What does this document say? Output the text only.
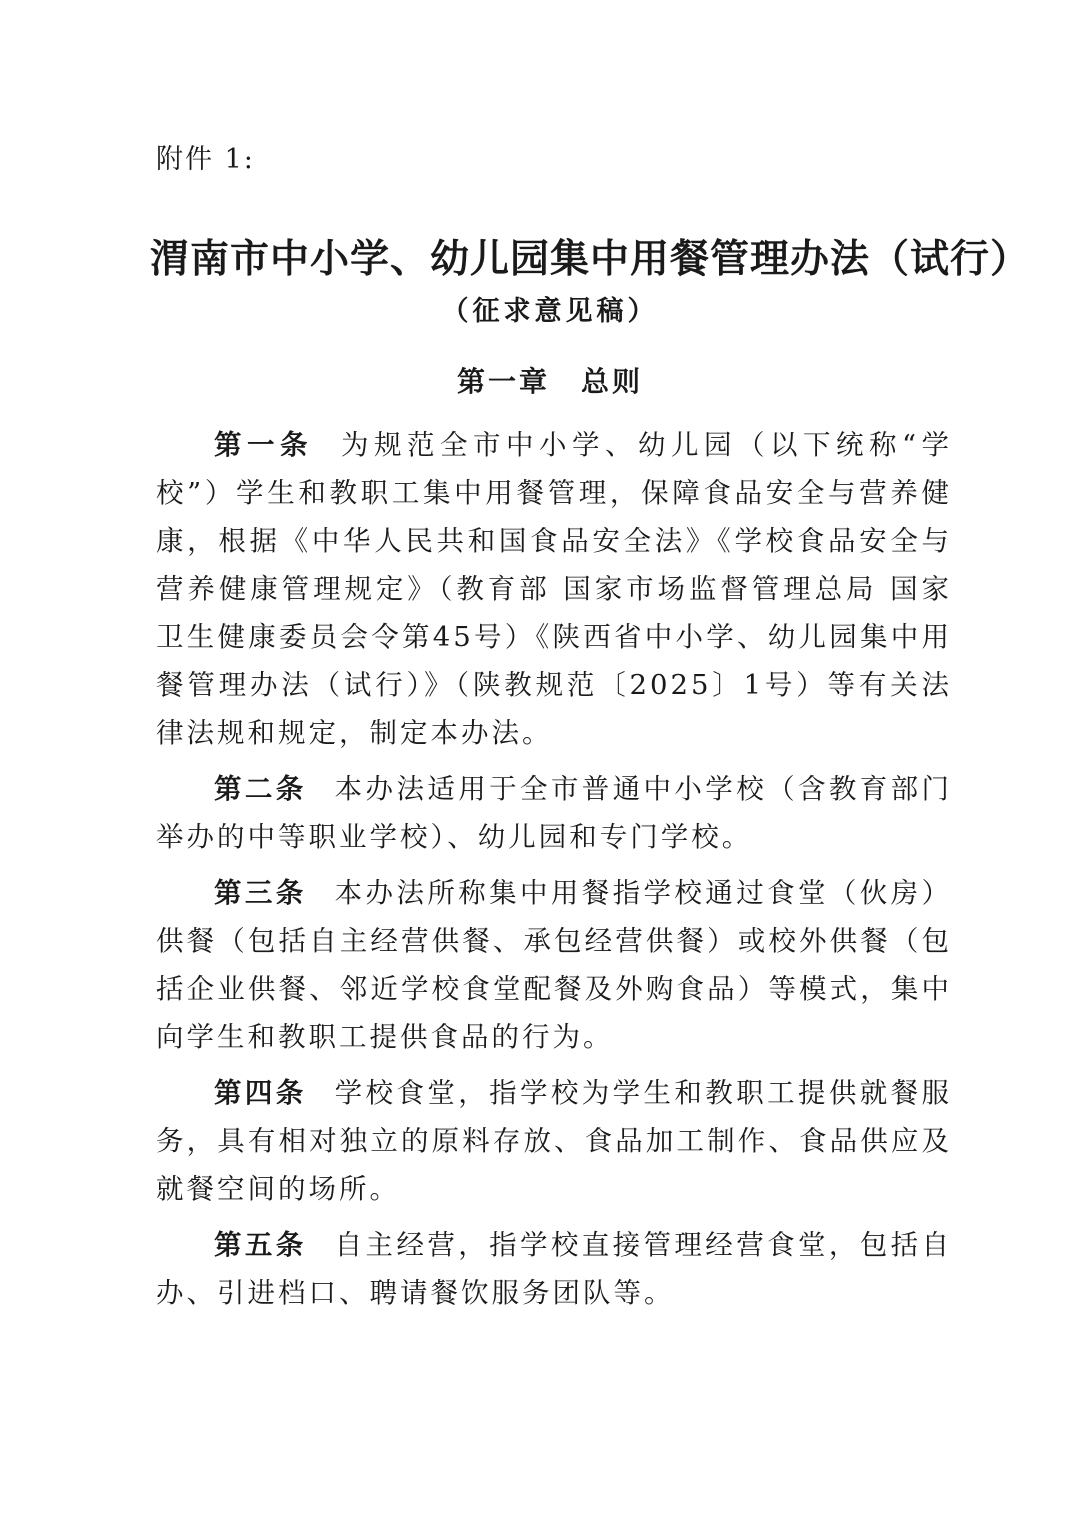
附件 1:

渭南市中小学、幼儿园集中用餐管理办法（试行）

（征求意见稿）

第一章　总则

第一条 为规范全市中小学、幼儿园（以下统称“学校”）学生和教职工集中用餐管理，保障食品安全与营养健康，根据《中华人民共和国食品安全法》《学校食品安全与营养健康管理规定》（教育部 国家市场监督管理总局 国家卫生健康委员会令第45号）《陕西省中小学、幼儿园集中用餐管理办法（试行）》（陕教规范〔2025〕1号）等有关法律法规和规定，制定本办法。

第二条 本办法适用于全市普通中小学校（含教育部门举办的中等职业学校）、幼儿园和专门学校。

第三条 本办法所称集中用餐指学校通过食堂（伙房）供餐（包括自主经营供餐、承包经营供餐）或校外供餐（包括企业供餐、邻近学校食堂配餐及外购食品）等模式，集中向学生和教职工提供食品的行为。

第四条 学校食堂，指学校为学生和教职工提供就餐服务，具有相对独立的原料存放、食品加工制作、食品供应及就餐空间的场所。

第五条 自主经营，指学校直接管理经营食堂，包括自办、引进档口、聘请餐饮服务团队等。
